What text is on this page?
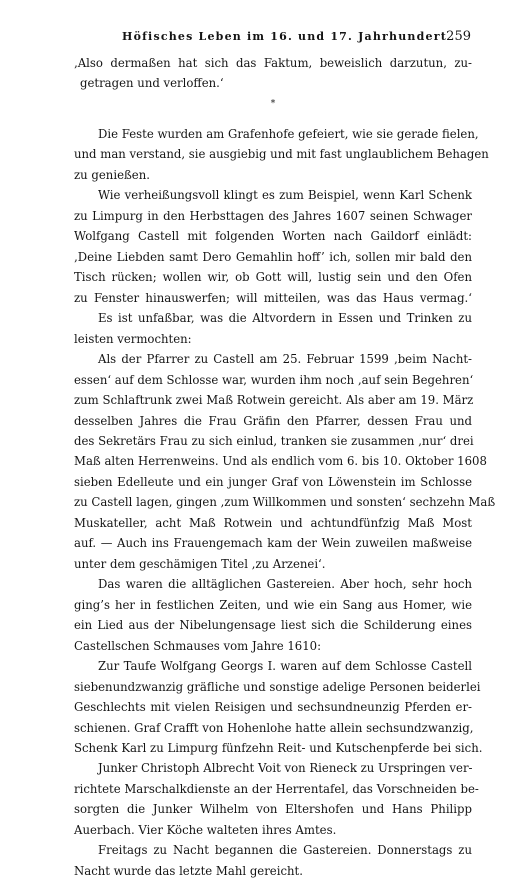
Höfisches Leben im 16. und 17. Jahrhundert 259
‚Also dermaßen hat sich das Faktum, beweislich darzutun, zu-
getragen und verloffen.‘
*
Die Feste wurden am Grafenhofe gefeiert, wie sie gerade fielen,
und man verstand, sie ausgiebig und mit fast unglaublichem Behagen
zu genießen.
Wie verheißungsvoll klingt es zum Beispiel, wenn Karl Schenk
zu Limpurg in den Herbsttagen des Jahres 1607 seinen Schwager
Wolfgang Castell mit folgenden Worten nach Gaildorf einlädt:
‚Deine Liebden samt Dero Gemahlin hoff’ ich, sollen mir bald den
Tisch rücken; wollen wir, ob Gott will, lustig sein und den Ofen
zu Fenster hinauswerfen; will mitteilen, was das Haus vermag.‘
Es ist unfaßbar, was die Altvordern in Essen und Trinken zu
leisten vermochten:
Als der Pfarrer zu Castell am 25. Februar 1599 ‚beim Nacht-
essen‘ auf dem Schlosse war, wurden ihm noch ‚auf sein Begehren‘
zum Schlaftrunk zwei Maß Rotwein gereicht. Als aber am 19. März
desselben Jahres die Frau Gräfin den Pfarrer, dessen Frau und
des Sekretärs Frau zu sich einlud, tranken sie zusammen ‚nur‘ drei
Maß alten Herrenweins. Und als endlich vom 6. bis 10. Oktober 1608
sieben Edelleute und ein junger Graf von Löwenstein im Schlosse
zu Castell lagen, gingen ‚zum Willkommen und sonsten‘ sechzehn Maß
Muskateller, acht Maß Rotwein und achtundfünfzig Maß Most
auf. — Auch ins Frauengemach kam der Wein zuweilen maßweise
unter dem geschämigen Titel ‚zu Arzenei‘.
Das waren die alltäglichen Gastereien. Aber hoch, sehr hoch
ging’s her in festlichen Zeiten, und wie ein Sang aus Homer, wie
ein Lied aus der Nibelungensage liest sich die Schilderung eines
Castellschen Schmauses vom Jahre 1610:
Zur Taufe Wolfgang Georgs I. waren auf dem Schlosse Castell
siebenundzwanzig gräfliche und sonstige adelige Personen beiderlei
Geschlechts mit vielen Reisigen und sechsundneunzig Pferden er-
schienen. Graf Crafft von Hohenlohe hatte allein sechsundzwanzig,
Schenk Karl zu Limpurg fünfzehn Reit- und Kutschenpferde bei sich.
Junker Christoph Albrecht Voit von Rieneck zu Urspringen ver-
richtete Marschalkdienste an der Herrentafel, das Vorschneiden be-
sorgten die Junker Wilhelm von Eltershofen und Hans Philipp
Auerbach. Vier Köche walteten ihres Amtes.
Freitags zu Nacht begannen die Gastereien. Donnerstags zu
Nacht wurde das letzte Mahl gereicht.
